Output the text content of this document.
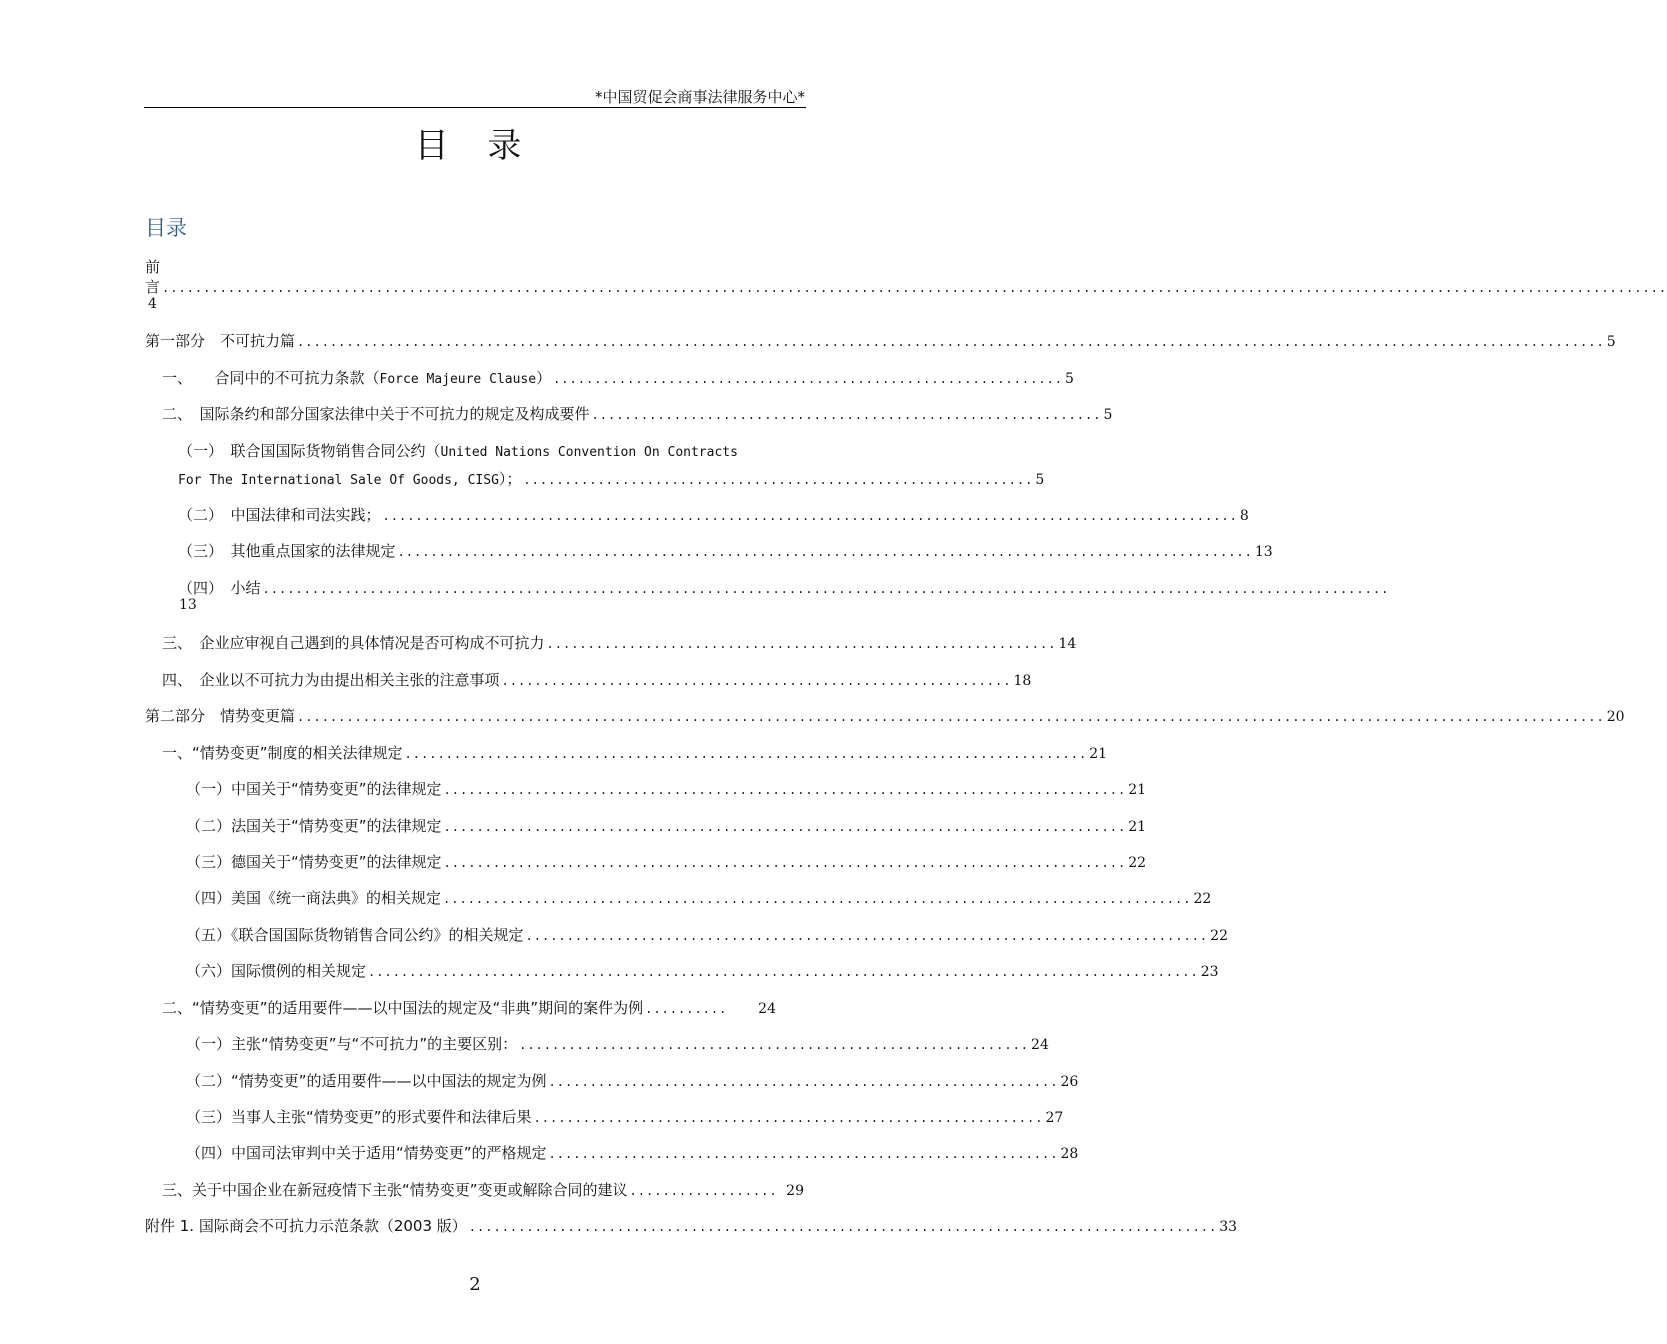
*中国贸促会商事法律服务中心*
目 录
目录
前
言 .......................................................................................................................................................................................
4
第一部分　不可抗力篇 ............................................................................................................................................................... 5
一、　　合同中的不可抗力条款（Force Majeure Clause） .............................................................. 5
二、　国际条约和部分国家法律中关于不可抗力的规定及构成要件 .............................................................. 5
（一）　联合国国际货物销售合同公约（United Nations Convention On Contracts
For The International Sale Of Goods, CISG）； .............................................................. 5
（二）　中国法律和司法实践； ........................................................................................................ 8
（三）　其他重点国家的法律规定 ........................................................................................................ 13
（四）　小结 .........................................................................................................................................
13
三、　企业应审视自己遇到的具体情况是否可构成不可抗力 .............................................................. 14
四、　企业以不可抗力为由提出相关主张的注意事项 .............................................................. 18
第二部分　情势变更篇 ............................................................................................................................................................... 20
一、“情势变更”制度的相关法律规定 ................................................................................... 21
（一）中国关于“情势变更”的法律规定 ................................................................................... 21
（二）法国关于“情势变更”的法律规定 ................................................................................... 21
（三）德国关于“情势变更”的法律规定 ................................................................................... 22
（四）美国《统一商法典》的相关规定 ........................................................................................... 22
（五）《联合国国际货物销售合同公约》的相关规定 ................................................................................... 22
（六）国际惯例的相关规定 ..................................................................................................... 23
二、“情势变更”的适用要件——以中国法的规定及“非典”期间的案件为例 ..........	24
（一）主张“情势变更”与“不可抗力”的主要区别： .............................................................. 24
（二）“情势变更”的适用要件——以中国法的规定为例 .............................................................. 26
（三）当事人主张“情势变更”的形式要件和法律后果 .............................................................. 27
（四）中国司法审判中关于适用“情势变更”的严格规定 .............................................................. 28
三、关于中国企业在新冠疫情下主张“情势变更”变更或解除合同的建议 .................. 29
附件 1. 国际商会不可抗力示范条款（2003 版） ........................................................................................... 33
2
